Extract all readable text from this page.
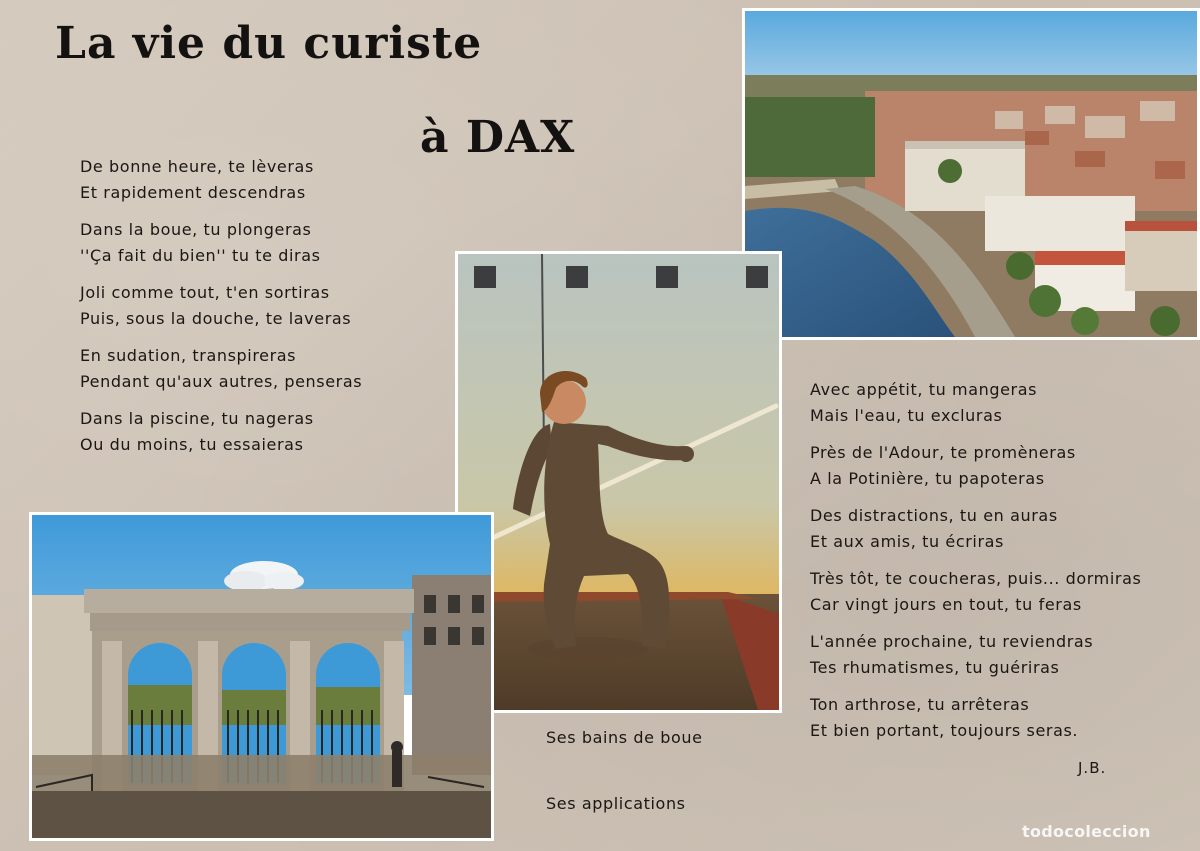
La vie du curiste
à DAX

De bonne heure, te lèveras
Et rapidement descendras

Dans la boue, tu plongeras
''Ça fait du bien'' tu te diras

Joli comme tout, t'en sortiras
Puis, sous la douche, te laveras

En sudation, transpireras
Pendant qu'aux autres, penseras

Dans la piscine, tu nageras
Ou du moins, tu essaieras

Avec appétit, tu mangeras
Mais l'eau, tu excluras

Près de l'Adour, te promèneras
A la Potinière, tu papoteras

Des distractions, tu en auras
Et aux amis, tu écriras

Très tôt, te coucheras, puis... dormiras
Car vingt jours en tout, tu feras

L'année prochaine, tu reviendras
Tes rhumatismes, tu guériras

Ton arthrose, tu arrêteras
Et bien portant, toujours seras.

J.B.
Ses bains de boue
Ses applications
todocoleccion
